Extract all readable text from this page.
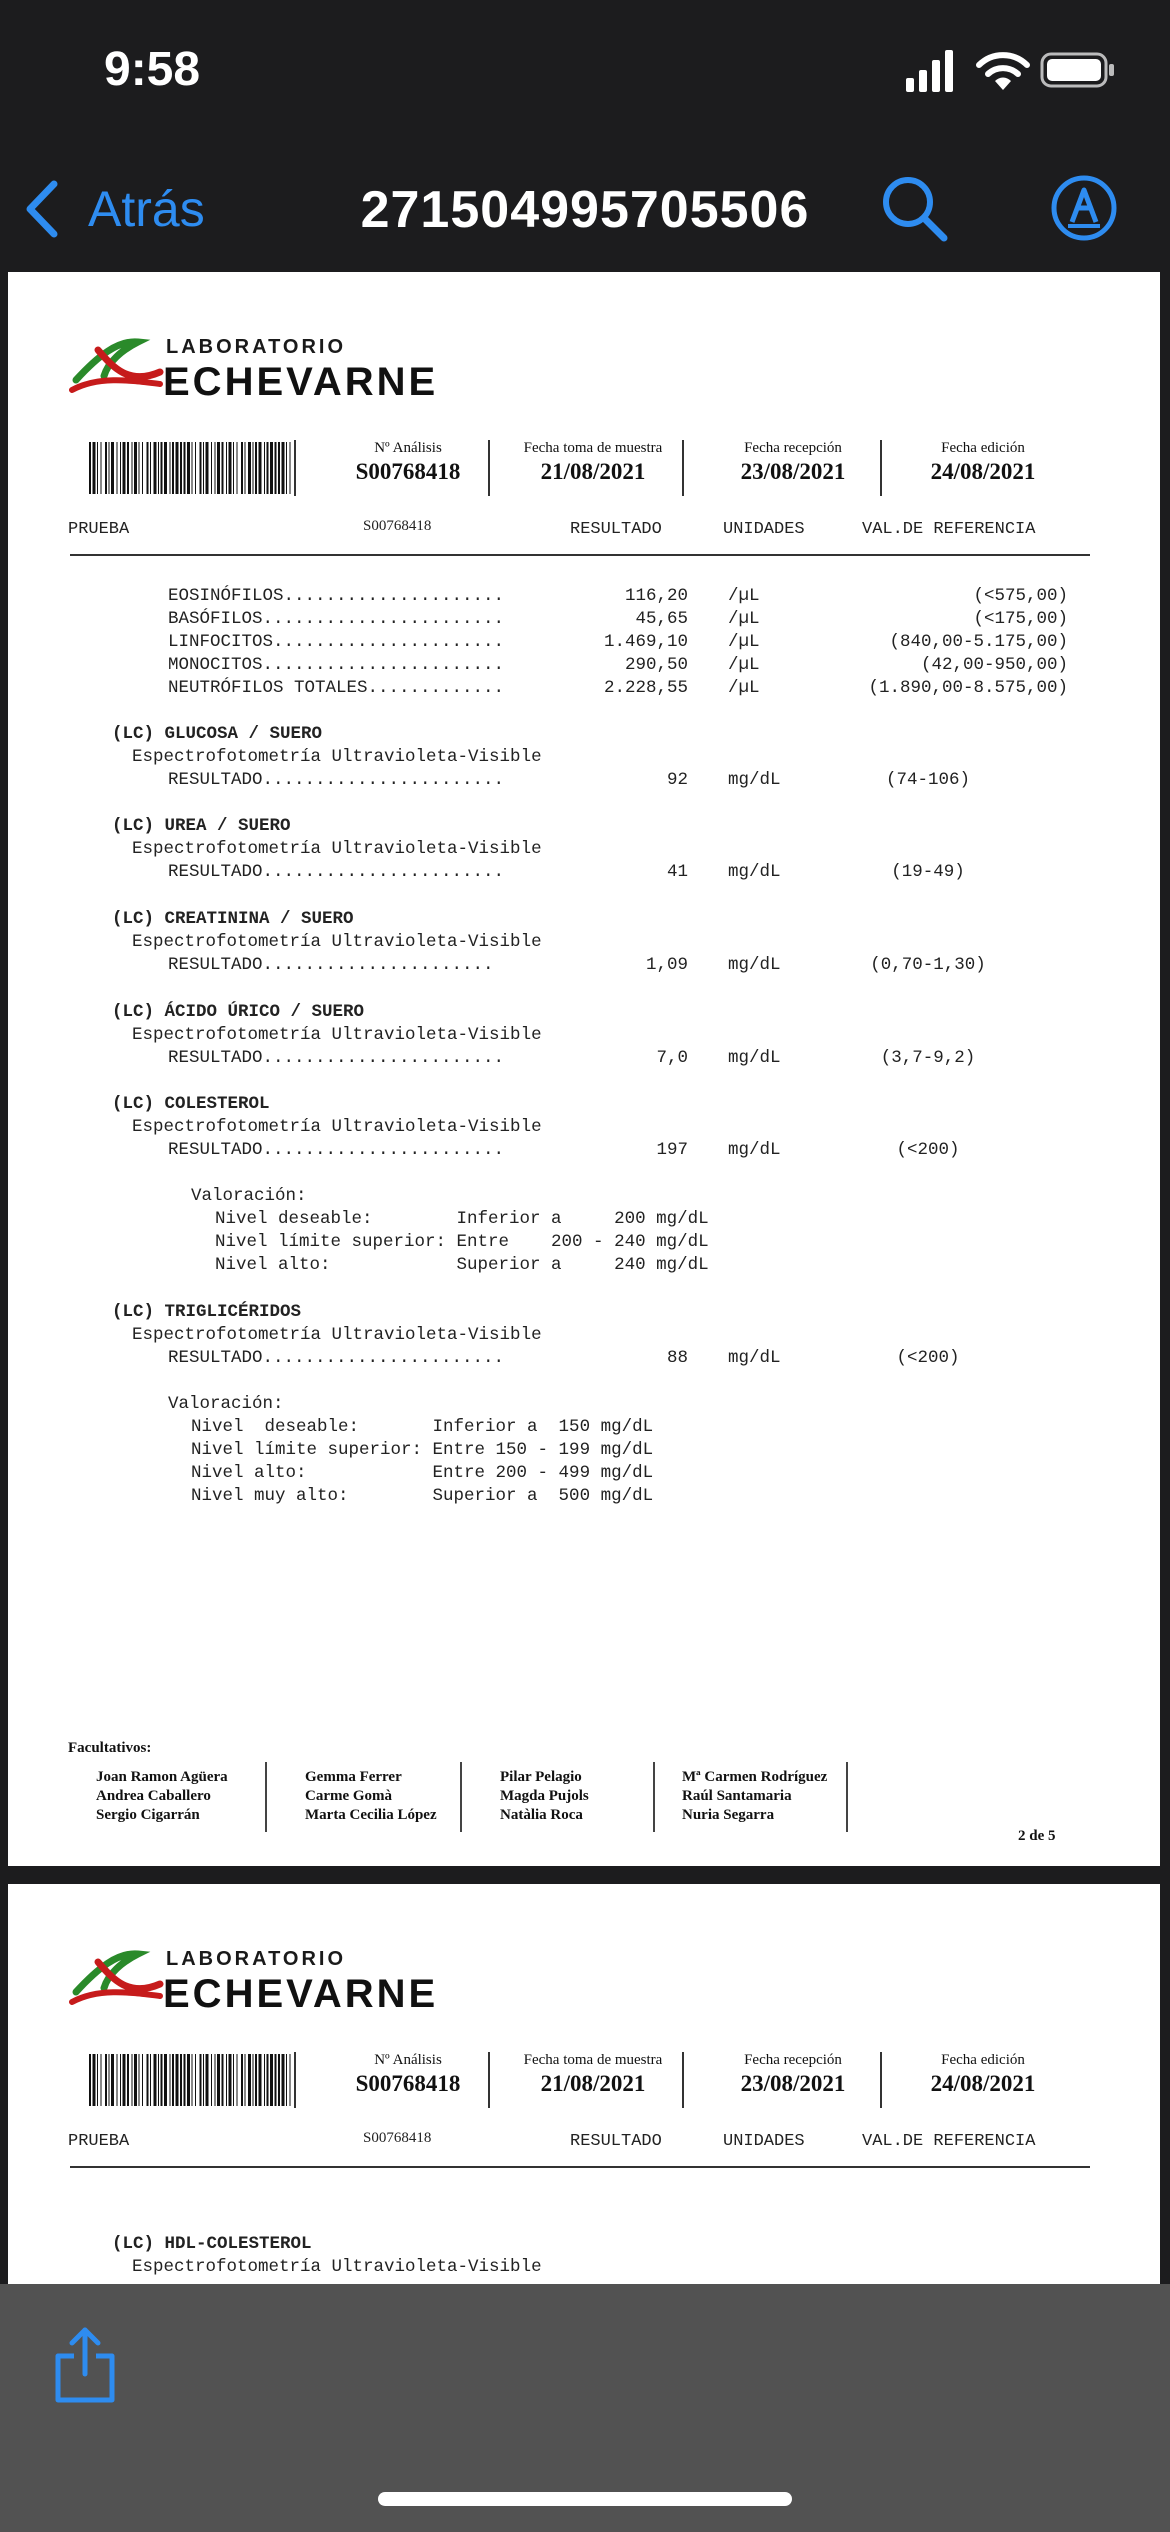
9:58
Atrás	271504995705506
LABORATORIO
ECHEVARNE
Nº Análisis
S00768418
Fecha toma de muestra
21/08/2021
Fecha recepción
23/08/2021
Fecha edición
24/08/2021
PRUEBA	S00768418	RESULTADO	UNIDADES	VAL.DE REFERENCIA
EOSINÓFILOS.....................	116,20 /µL	(<575,00)
BASÓFILOS.......................	45,65 /µL	(<175,00)
LINFOCITOS......................	1.469,10 /µL	(840,00-5.175,00)
MONOCITOS.......................	290,50 /µL	(42,00-950,00)
NEUTRÓFILOS TOTALES.............	2.228,55 /µL	(1.890,00-8.575,00)
(LC) GLUCOSA / SUERO
Espectrofotometría Ultravioleta-Visible
RESULTADO.......................	92 mg/dL	(74-106)
(LC) UREA / SUERO
Espectrofotometría Ultravioleta-Visible
RESULTADO.......................	41 mg/dL	(19-49)
(LC) CREATININA / SUERO
Espectrofotometría Ultravioleta-Visible
RESULTADO......................	1,09 mg/dL	(0,70-1,30)
(LC) ÁCIDO ÚRICO / SUERO
Espectrofotometría Ultravioleta-Visible
RESULTADO.......................	7,0 mg/dL	(3,7-9,2)
(LC) COLESTEROL
Espectrofotometría Ultravioleta-Visible
RESULTADO.......................	197 mg/dL	(<200)
Valoración:
Nivel deseable:        Inferior a     200 mg/dL
Nivel límite superior: Entre    200 - 240 mg/dL
Nivel alto:            Superior a     240 mg/dL
(LC) TRIGLICÉRIDOS
Espectrofotometría Ultravioleta-Visible
RESULTADO.......................	88 mg/dL	(<200)
Valoración:
Nivel  deseable:       Inferior a  150 mg/dL
Nivel límite superior: Entre 150 - 199 mg/dL
Nivel alto:            Entre 200 - 499 mg/dL
Nivel muy alto:        Superior a  500 mg/dL
Facultativos:
Joan Ramon Agüera
Andrea Caballero
Sergio Cigarrán
Gemma Ferrer
Carme Gomà
Marta Cecilia López
Pilar Pelagio
Magda Pujols
Natàlia Roca
Mª Carmen Rodríguez
Raúl Santamaria
Nuria Segarra
2 de 5
LABORATORIO
ECHEVARNE
Nº Análisis
S00768418
Fecha toma de muestra
21/08/2021
Fecha recepción
23/08/2021
Fecha edición
24/08/2021
PRUEBA	S00768418	RESULTADO	UNIDADES	VAL.DE REFERENCIA
(LC) HDL-COLESTEROL
Espectrofotometría Ultravioleta-Visible
